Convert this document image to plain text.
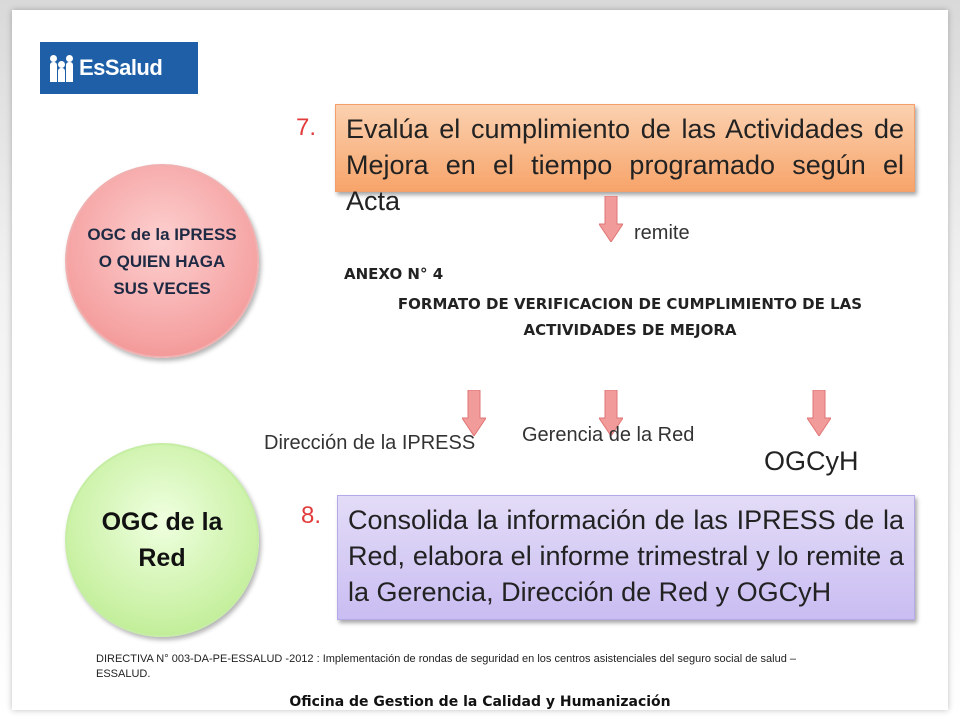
EsSalud
7.	Evalúa el cumplimiento de las Actividades de Mejora en el tiempo programado según el Acta
OGC de la IPRESS O QUIEN HAGA SUS VECES
remite
ANEXO N° 4
FORMATO DE VERIFICACION DE CUMPLIMIENTO DE LAS ACTIVIDADES DE MEJORA
Dirección de la IPRESS Gerencia de la Red
OGCyH
OGC de la Red
8. Consolida la información de las IPRESS de la Red, elabora el informe trimestral y lo remite a la Gerencia, Dirección de Red y OGCyH
DIRECTIVA N° 003-DA-PE-ESSALUD -2012 : Implementación de rondas de seguridad en los centros asistenciales del seguro social de salud –ESSALUD.
Oficina de Gestion de la Calidad y Humanización
